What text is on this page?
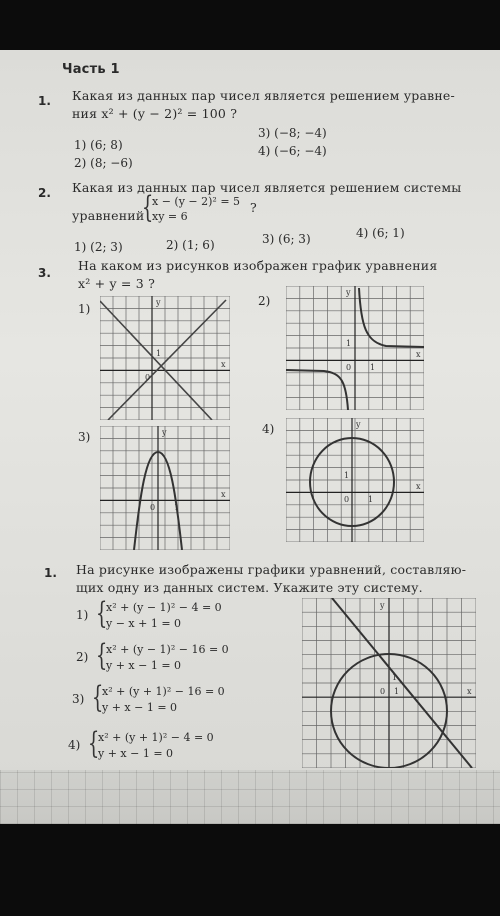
Часть 1
1. Какая из данных пар чисел является решением уравне-
ния x² + (y − 2)² = 100 ?
1) (6; 8)
2) (8; −6)
3) (−8; −4)
4) (−6; −4)
2. Какая из данных пар чисел является решением системы
уравнений
{
x − (y − 2)² = 5
xy = 6
?
1) (2; 3)	2) (1; 6)	3) (6; 3)	4) (6; 1)
3. На каком из рисунков изображен график уравнения
x² + y = 3 ?
1)
2)
3)
4)
y
x
1
0
y
x
1
0 1
y
x
0 1
y
x
1
0 1
1. На рисунке изображены графики уравнений, составляю-
щих одну из данных систем. Укажите эту систему.
1) {
x² + (y − 1)² − 4 = 0
y − x + 1 = 0
2) {
x² + (y − 1)² − 16 = 0
y + x − 1 = 0
3) {
x² + (y + 1)² − 16 = 0
y + x − 1 = 0
4) {
x² + (y + 1)² − 4 = 0
y + x − 1 = 0
y
x
1
0 1
